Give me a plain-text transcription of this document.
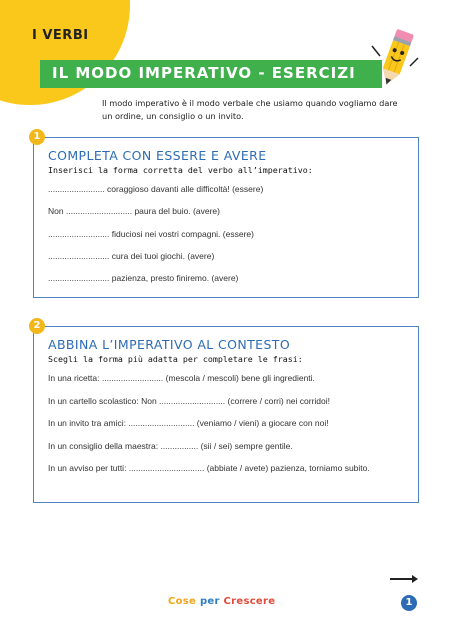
I VERBI
IL MODO IMPERATIVO - ESERCIZI

Il modo imperativo è il modo verbale che usiamo quando vogliamo dare un ordine, un consiglio o un invito.

COMPLETA CON ESSERE E AVERE
Inserisci la forma corretta del verbo all’imperativo:
........................ coraggioso davanti alle difficoltà! (essere)
Non ............................ paura del buio. (avere)
.......................... fiduciosi nei vostri compagni. (essere)
.......................... cura dei tuoi giochi. (avere)
.......................... pazienza, presto finiremo. (avere)
1
ABBINA L’IMPERATIVO AL CONTESTO
Scegli la forma più adatta per completare le frasi:
In una ricetta: .......................... (mescola / mescoli) bene gli ingredienti.
In un cartello scolastico: Non ............................ (correre / corri) nei corridoi!
In un invito tra amici: ............................ (veniamo / vieni) a giocare con noi!
In un consiglio della maestra: ................ (sii / sei) sempre gentile.
In un avviso per tutti: ................................ (abbiate / avete) pazienza, torniamo subito.
2
Cose per Crescere	1
